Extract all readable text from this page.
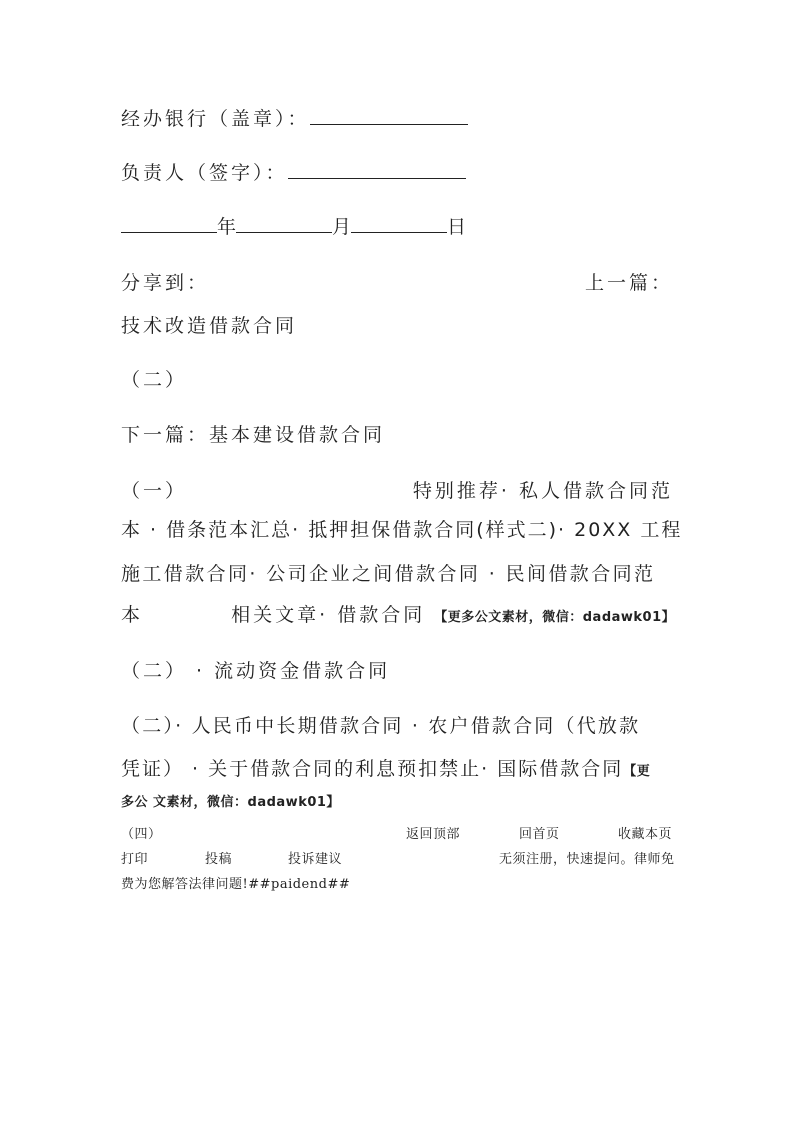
经办银行（盖章）：
负责人（签字）：
年	月	日
分享到：	上一篇：
技术改造借款合同
（二）
下一篇：基本建设借款合同
（一）	特别推荐· 私人借款合同范
本 · 借条范本汇总· 抵押担保借款合同(样式二)· 20XX 工程
施工借款合同· 公司企业之间借款合同 · 民间借款合同范
本	相关文章· 借款合同 【更多公文素材，微信：dadawk01】
（二） · 流动资金借款合同
（二）· 人民币中长期借款合同 · 农户借款合同（代放款
凭证） · 关于借款合同的利息预扣禁止· 国际借款合同【更
多公 文素材，微信：dadawk01】
（四）	返回顶部	回首页	收藏本页
打印	投稿	投诉建议	无须注册，快速提问。律师免
费为您解答法律问题!##paidend##
